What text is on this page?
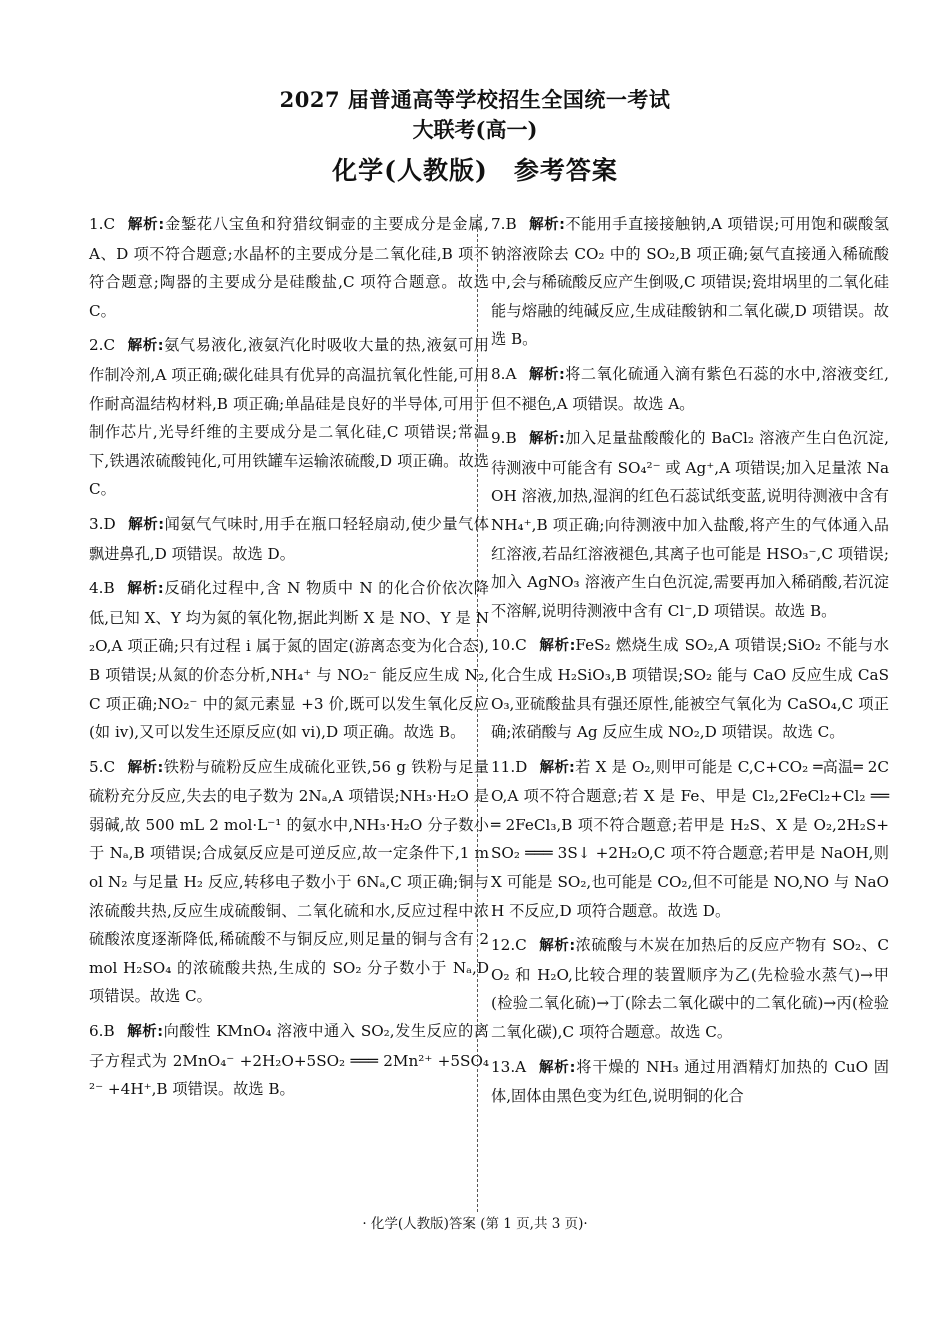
2027 届普通高等学校招生全国统一考试
大联考(高一)
化学(人教版) 参考答案
1.C 解析:金錾花八宝鱼和狩猎纹铜壶的主要成分是金属,A、D 项不符合题意;水晶杯的主要成分是二氧化硅,B 项不符合题意;陶器的主要成分是硅酸盐,C 项符合题意。故选 C。
2.C 解析:氨气易液化,液氨汽化时吸收大量的热,液氨可用作制冷剂,A 项正确;碳化硅具有优异的高温抗氧化性能,可用作耐高温结构材料,B 项正确;单晶硅是良好的半导体,可用于制作芯片,光导纤维的主要成分是二氧化硅,C 项错误;常温下,铁遇浓硫酸钝化,可用铁罐车运输浓硫酸,D 项正确。故选 C。
3.D 解析:闻氨气气味时,用手在瓶口轻轻扇动,使少量气体飘进鼻孔,D 项错误。故选 D。
4.B 解析:反硝化过程中,含 N 物质中 N 的化合价依次降低,已知 X、Y 均为氮的氧化物,据此判断 X 是 NO、Y 是 N₂O,A 项正确;只有过程 i 属于氮的固定(游离态变为化合态),B 项错误;从氮的价态分析,NH₄⁺ 与 NO₂⁻ 能反应生成 N₂,C 项正确;NO₂⁻ 中的氮元素显 +3 价,既可以发生氧化反应(如 iv),又可以发生还原反应(如 vi),D 项正确。故选 B。
5.C 解析:铁粉与硫粉反应生成硫化亚铁,56 g 铁粉与足量硫粉充分反应,失去的电子数为 2Nₐ,A 项错误;NH₃·H₂O 是弱碱,故 500 mL 2 mol·L⁻¹ 的氨水中,NH₃·H₂O 分子数小于 Nₐ,B 项错误;合成氨反应是可逆反应,故一定条件下,1 mol N₂ 与足量 H₂ 反应,转移电子数小于 6Nₐ,C 项正确;铜与浓硫酸共热,反应生成硫酸铜、二氧化硫和水,反应过程中浓硫酸浓度逐渐降低,稀硫酸不与铜反应,则足量的铜与含有 2 mol H₂SO₄ 的浓硫酸共热,生成的 SO₂ 分子数小于 Nₐ,D 项错误。故选 C。
6.B 解析:向酸性 KMnO₄ 溶液中通入 SO₂,发生反应的离子方程式为 2MnO₄⁻ +2H₂O+5SO₂ ═══ 2Mn²⁺ +5SO₄²⁻ +4H⁺,B 项错误。故选 B。
7.B 解析:不能用手直接接触钠,A 项错误;可用饱和碳酸氢钠溶液除去 CO₂ 中的 SO₂,B 项正确;氨气直接通入稀硫酸中,会与稀硫酸反应产生倒吸,C 项错误;瓷坩埚里的二氧化硅能与熔融的纯碱反应,生成硅酸钠和二氧化碳,D 项错误。故选 B。
8.A 解析:将二氧化硫通入滴有紫色石蕊的水中,溶液变红,但不褪色,A 项错误。故选 A。
9.B 解析:加入足量盐酸酸化的 BaCl₂ 溶液产生白色沉淀,待测液中可能含有 SO₄²⁻ 或 Ag⁺,A 项错误;加入足量浓 NaOH 溶液,加热,湿润的红色石蕊试纸变蓝,说明待测液中含有 NH₄⁺,B 项正确;向待测液中加入盐酸,将产生的气体通入品红溶液,若品红溶液褪色,其离子也可能是 HSO₃⁻,C 项错误;加入 AgNO₃ 溶液产生白色沉淀,需要再加入稀硝酸,若沉淀不溶解,说明待测液中含有 Cl⁻,D 项错误。故选 B。
10.C 解析:FeS₂ 燃烧生成 SO₂,A 项错误;SiO₂ 不能与水化合生成 H₂SiO₃,B 项错误;SO₂ 能与 CaO 反应生成 CaSO₃,亚硫酸盐具有强还原性,能被空气氧化为 CaSO₄,C 项正确;浓硝酸与 Ag 反应生成 NO₂,D 项错误。故选 C。
11.D 解析:若 X 是 O₂,则甲可能是 C,C+CO₂ ═高温═ 2CO,A 项不符合题意;若 X 是 Fe、甲是 Cl₂,2FeCl₂+Cl₂ ═══ 2FeCl₃,B 项不符合题意;若甲是 H₂S、X 是 O₂,2H₂S+SO₂ ═══ 3S↓ +2H₂O,C 项不符合题意;若甲是 NaOH,则 X 可能是 SO₂,也可能是 CO₂,但不可能是 NO,NO 与 NaOH 不反应,D 项符合题意。故选 D。
12.C 解析:浓硫酸与木炭在加热后的反应产物有 SO₂、CO₂ 和 H₂O,比较合理的装置顺序为乙(先检验水蒸气)→甲(检验二氧化硫)→丁(除去二氧化碳中的二氧化硫)→丙(检验二氧化碳),C 项符合题意。故选 C。
13.A 解析:将干燥的 NH₃ 通过用酒精灯加热的 CuO 固体,固体由黑色变为红色,说明铜的化合
· 化学(人教版)答案 (第 1 页,共 3 页)·
